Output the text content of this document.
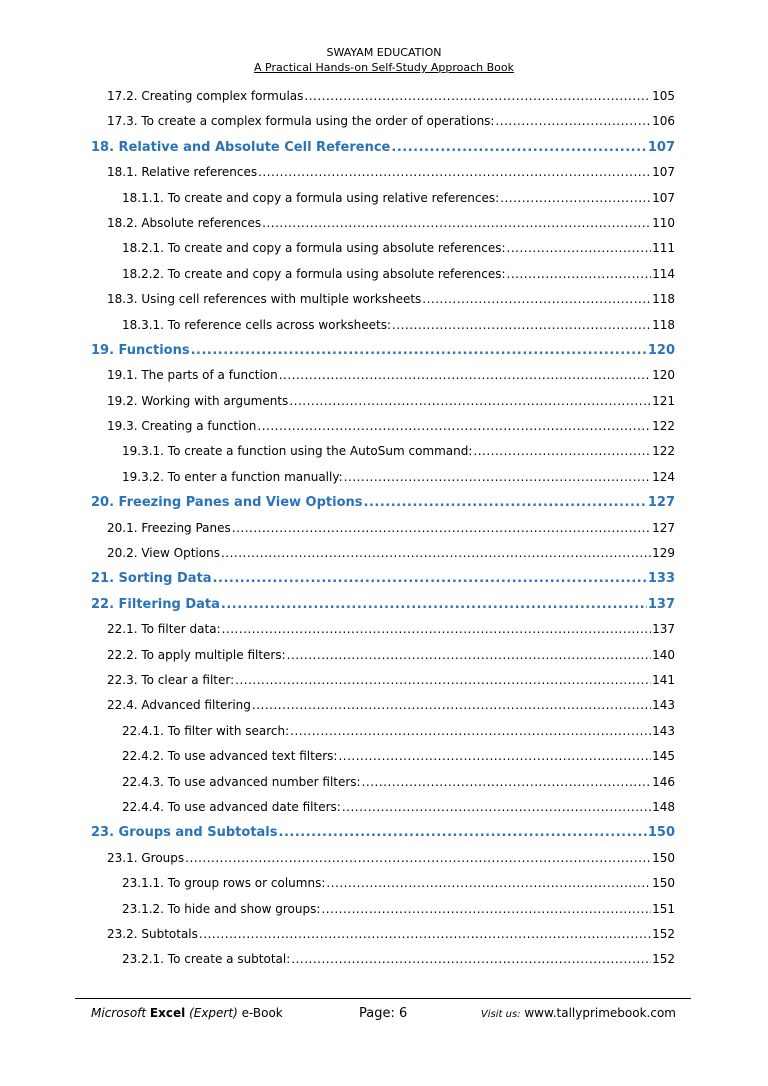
SWAYAM EDUCATION
A Practical Hands-on Self-Study Approach Book
17.2. Creating complex formulas .....	105
17.3. To create a complex formula using the order of operations: .....	106
18. Relative and Absolute Cell Reference .....	107
18.1. Relative references .....	107
18.1.1. To create and copy a formula using relative references: .....	107
18.2. Absolute references .....	110
18.2.1. To create and copy a formula using absolute references: .....	111
18.2.2. To create and copy a formula using absolute references: .....	114
18.3. Using cell references with multiple worksheets .....	118
18.3.1. To reference cells across worksheets: .....	118
19. Functions .....	120
19.1. The parts of a function .....	120
19.2. Working with arguments .....	121
19.3. Creating a function .....	122
19.3.1. To create a function using the AutoSum command: .....	122
19.3.2. To enter a function manually: .....	124
20. Freezing Panes and View Options .....	127
20.1. Freezing Panes .....	127
20.2. View Options .....	129
21. Sorting Data .....	133
22. Filtering Data .....	137
22.1. To filter data: .....	137
22.2. To apply multiple filters: .....	140
22.3. To clear a filter: .....	141
22.4. Advanced filtering .....	143
22.4.1. To filter with search: .....	143
22.4.2. To use advanced text filters: .....	145
22.4.3. To use advanced number filters: .....	146
22.4.4. To use advanced date filters: .....	148
23. Groups and Subtotals .....	150
23.1. Groups .....	150
23.1.1. To group rows or columns: .....	150
23.1.2. To hide and show groups: .....	151
23.2. Subtotals .....	152
23.2.1. To create a subtotal: .....	152
Microsoft Excel (Expert) e-Book	Page: 6	Visit us: www.tallyprimebook.com
